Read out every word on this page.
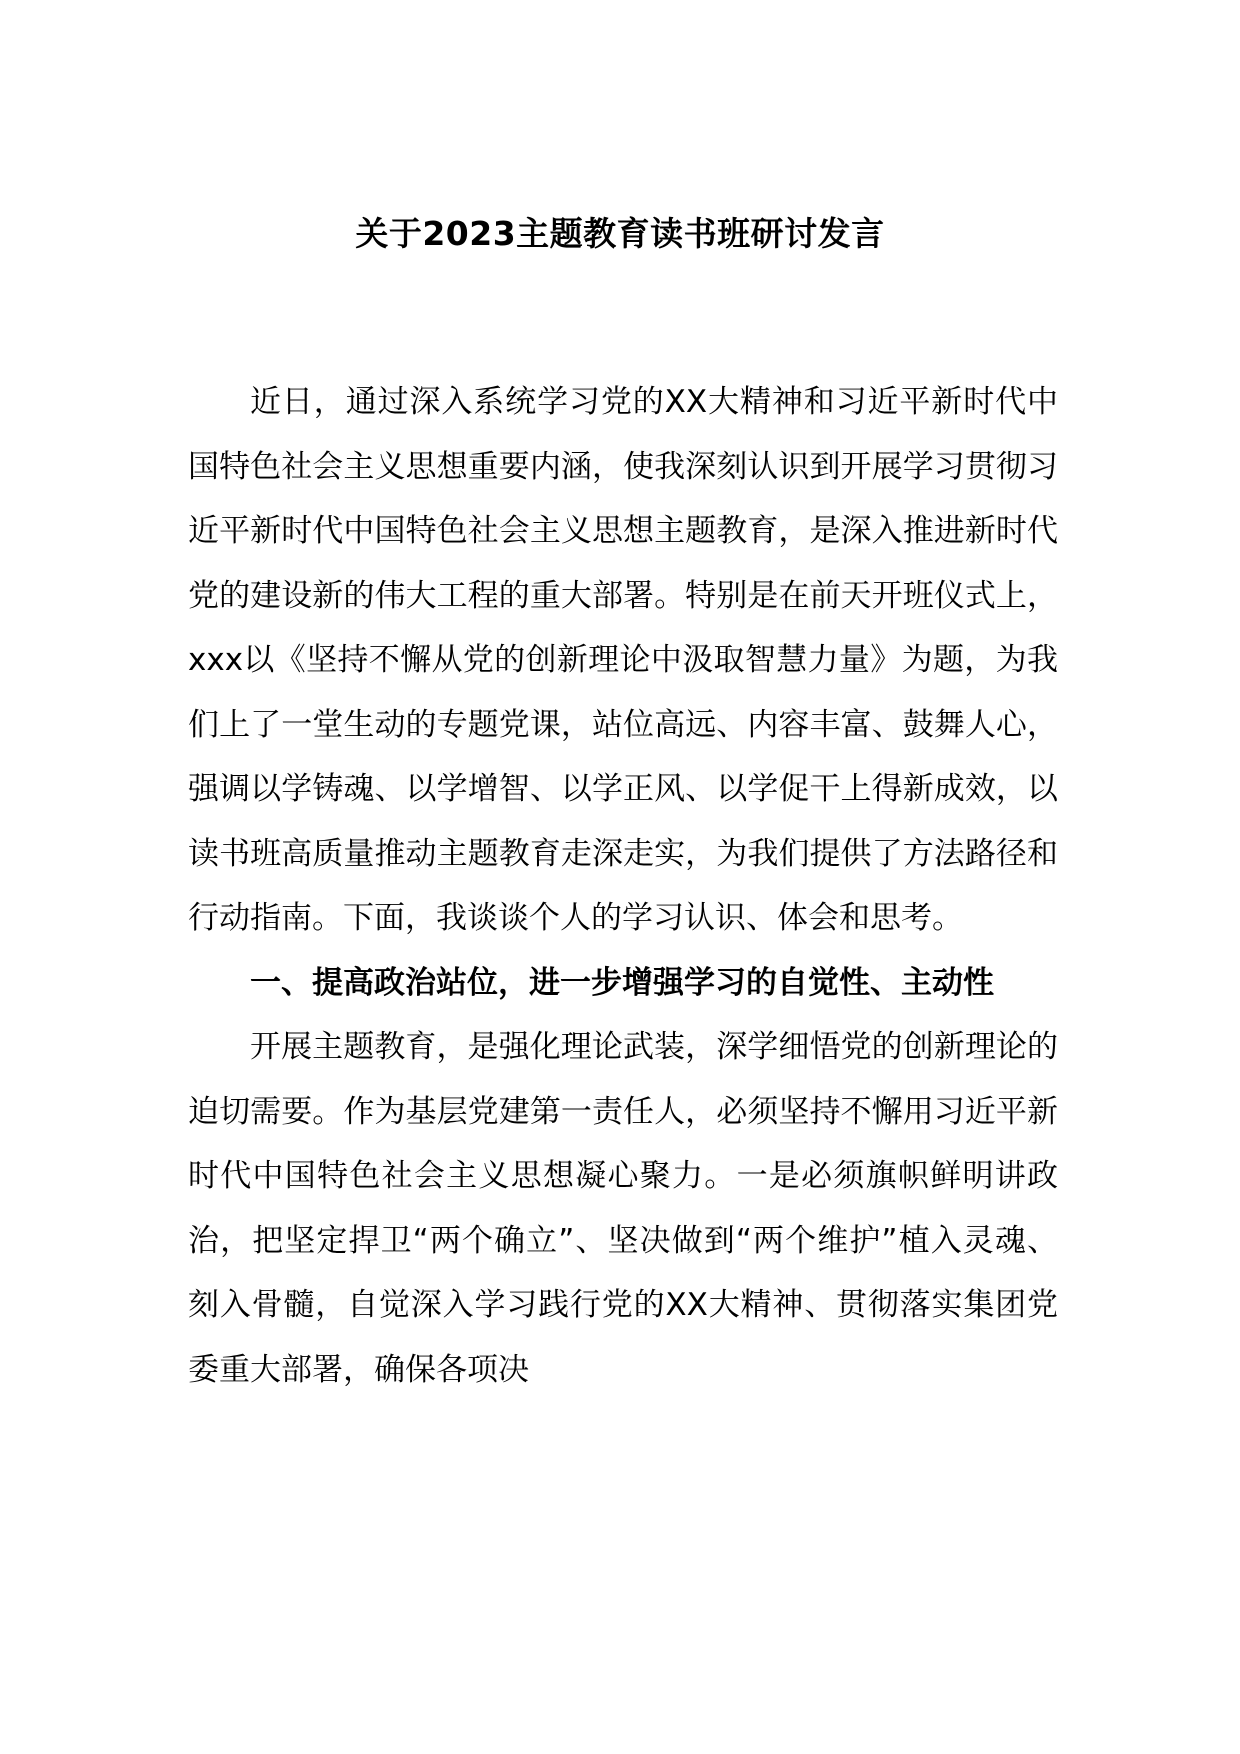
关于2023主题教育读书班研讨发言

近日，通过深入系统学习党的XX大精神和习近平新时代中国特色社会主义思想重要内涵，使我深刻认识到开展学习贯彻习近平新时代中国特色社会主义思想主题教育，是深入推进新时代党的建设新的伟大工程的重大部署。特别是在前天开班仪式上，xxx以《坚持不懈从党的创新理论中汲取智慧力量》为题，为我们上了一堂生动的专题党课，站位高远、内容丰富、鼓舞人心，强调以学铸魂、以学增智、以学正风、以学促干上得新成效，以读书班高质量推动主题教育走深走实，为我们提供了方法路径和行动指南。下面，我谈谈个人的学习认识、体会和思考。

一、提高政治站位，进一步增强学习的自觉性、主动性

开展主题教育，是强化理论武装，深学细悟党的创新理论的迫切需要。作为基层党建第一责任人，必须坚持不懈用习近平新时代中国特色社会主义思想凝心聚力。一是必须旗帜鲜明讲政治，把坚定捍卫“两个确立”、坚决做到“两个维护”植入灵魂、刻入骨髓，自觉深入学习践行党的XX大精神、贯彻落实集团党委重大部署，确保各项决
